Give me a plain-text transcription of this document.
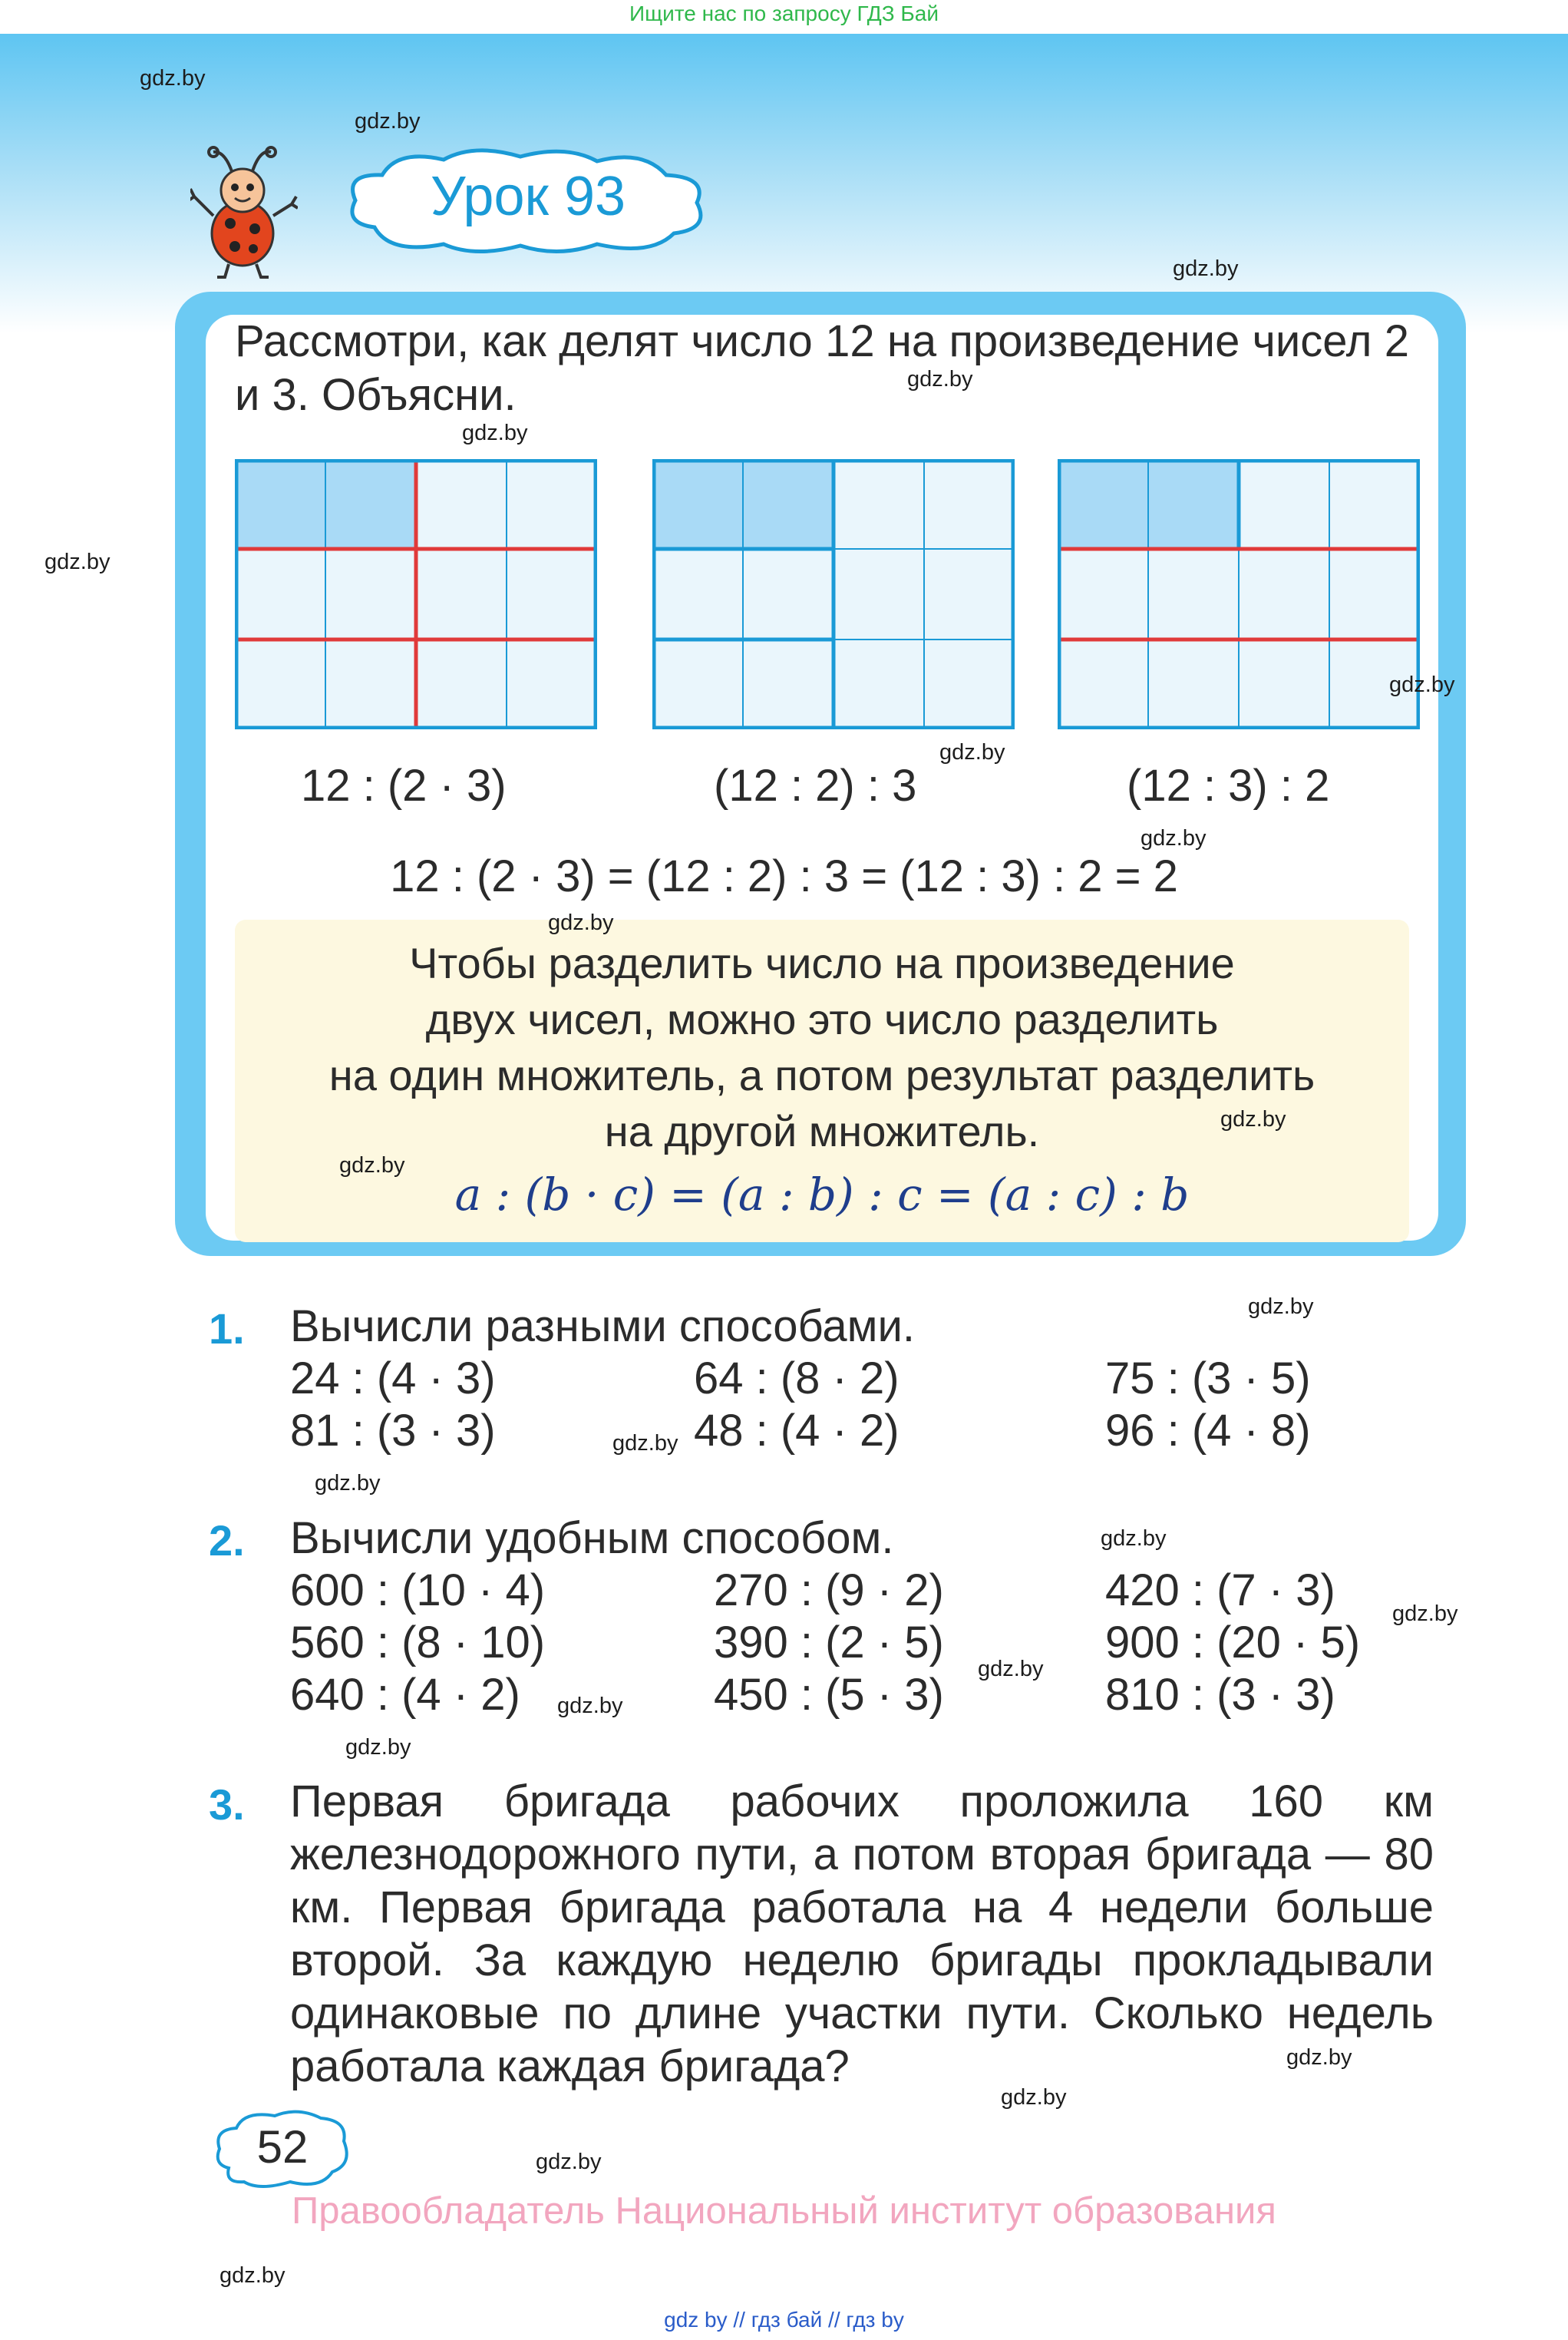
Ищите нас по запросу ГДЗ Бай
Урок 93
Рассмотри, как делят число 12 на произведение чисел 2 и 3. Объясни.
12 : (2 · 3)	(12 : 2) : 3	(12 : 3) : 2
12 : (2 · 3) = (12 : 2) : 3 = (12 : 3) : 2 = 2
Чтобы разделить число на произведение
двух чисел, можно это число разделить
на один множитель, а потом результат разделить
на другой множитель.
a : (b · c) = (a : b) : c = (a : c) : b
1. Вычисли разными способами.
24 : (4 · 3)	64 : (8 · 2)	75 : (3 · 5)
81 : (3 · 3)	48 : (4 · 2)	96 : (4 · 8)
2. Вычисли удобным способом.
600 : (10 · 4)	270 : (9 · 2)	420 : (7 · 3)
560 : (8 · 10)	390 : (2 · 5)	900 : (20 · 5)
640 : (4 · 2)	450 : (5 · 3)	810 : (3 · 3)
3. Первая бригада рабочих проложила 160 км железнодорожного пути, а потом вторая бригада — 80 км. Первая бригада работала на 4 недели больше второй. За каждую неделю бригады прокладывали одинаковые по длине участки пути. Сколько недель работала каждая бригада?
52
Правообладатель Национальный институт образования
gdz.by
gdz.by
gdz.by
gdz.by
gdz.by
gdz.by
gdz.by
gdz.by
gdz.by
gdz.by
gdz.by
gdz.by
gdz.by
gdz.by
gdz.by
gdz.by
gdz.by
gdz.by
gdz.by
gdz.by
gdz.by
gdz.by
gdz.by
gdz.by
gdz by // гдз бай // гдз by
